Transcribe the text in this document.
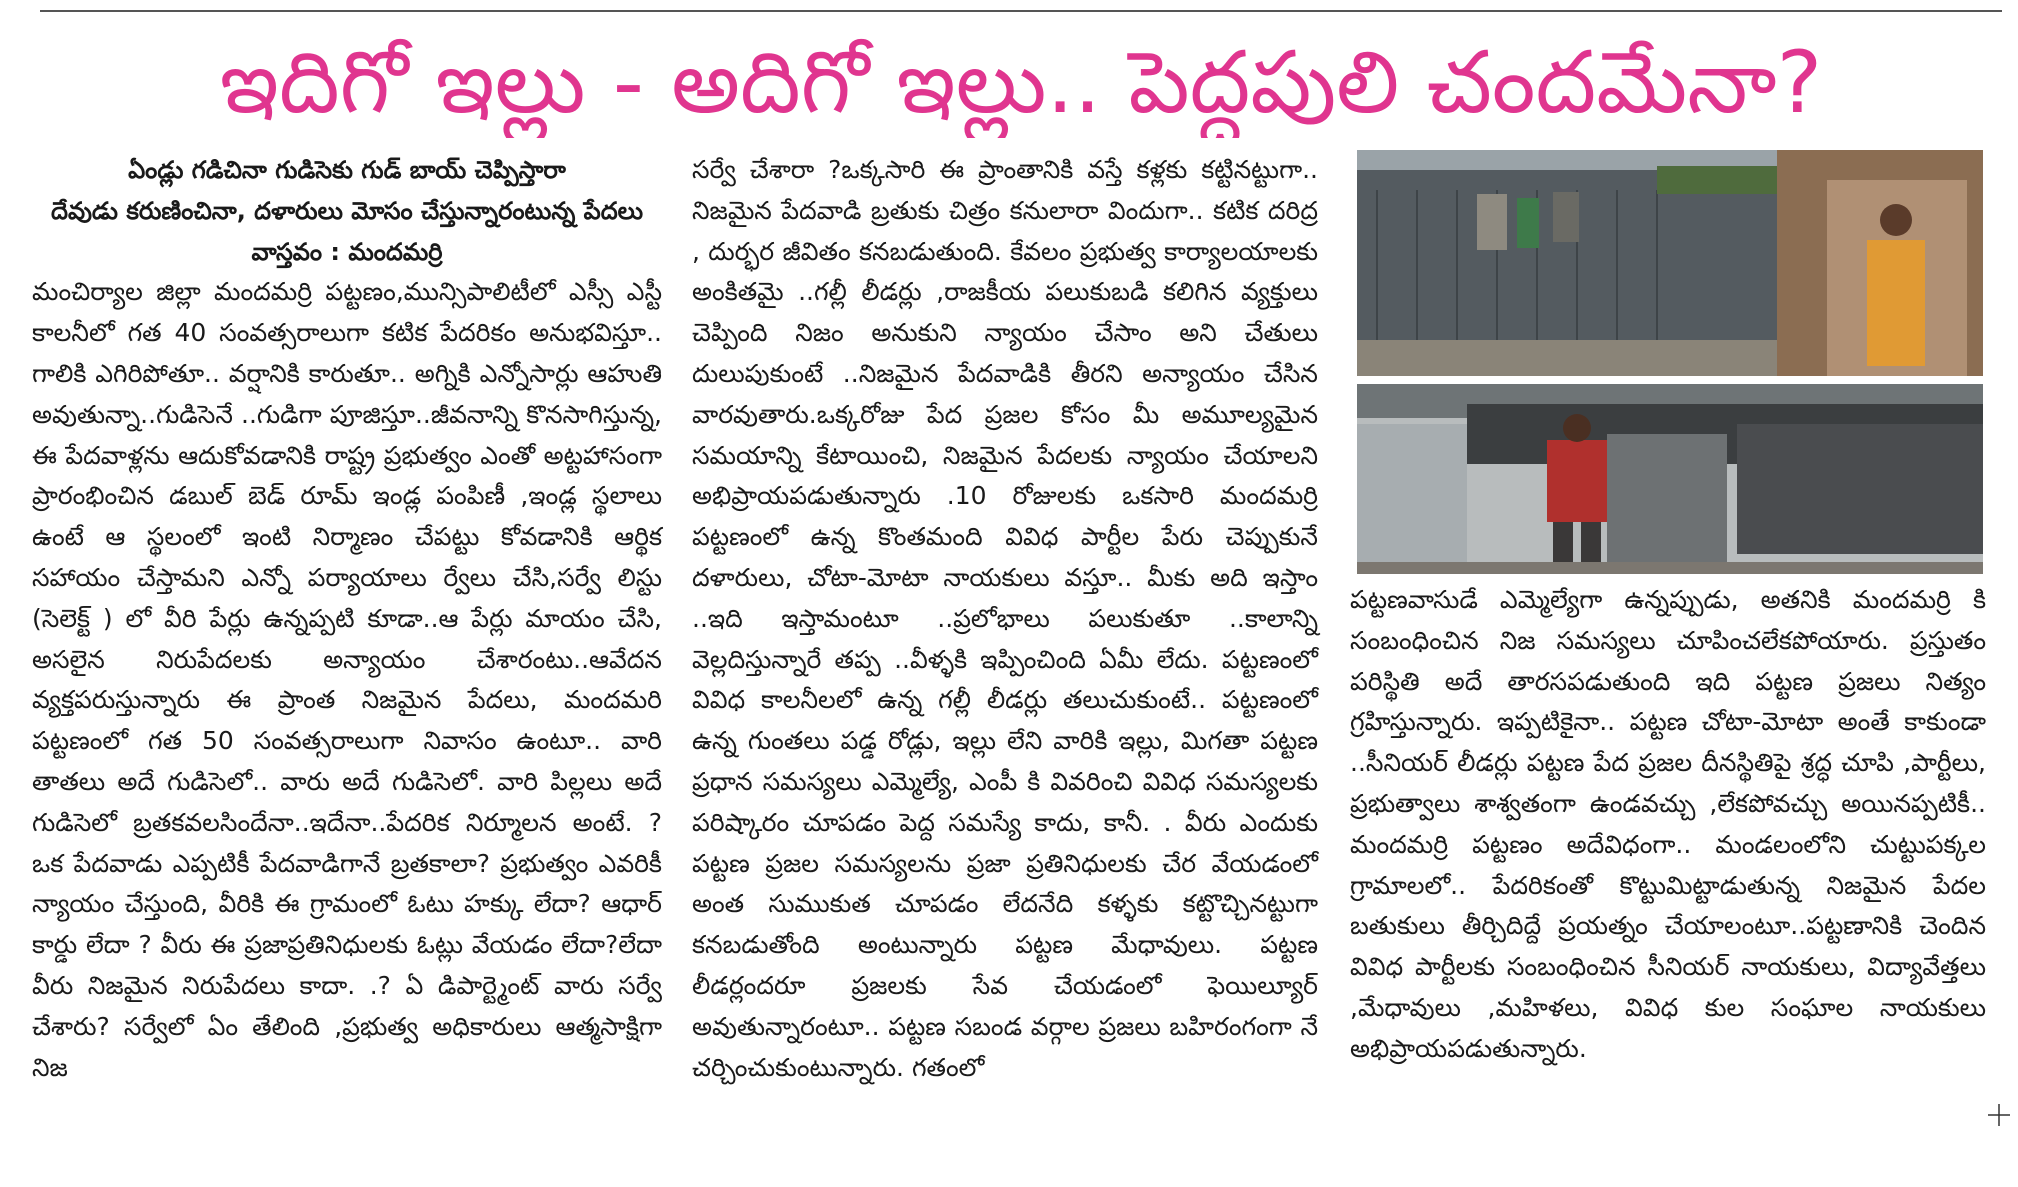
ఇదిగో ఇల్లు - అదిగో ఇల్లు.. పెద్దపులి చందమేనా?

ఏండ్లు గడిచినా గుడిసెకు గుడ్ బాయ్ చెప్పిస్తారా

దేవుడు కరుణించినా, దళారులు మోసం చేస్తున్నారంటున్న పేదలు

వాస్తవం : మందమర్రి

మంచిర్యాల జిల్లా మందమర్రి పట్టణం,మున్సిపాలిటీలో ఎస్సీ ఎస్టీ కాలనీలో గత 40 సంవత్సరాలుగా కటిక పేదరికం అనుభవిస్తూ.. గాలికి ఎగిరిపోతూ.. వర్షానికి కారుతూ.. అగ్నికి ఎన్నోసార్లు ఆహుతి అవుతున్నా..గుడిసెనే ..గుడిగా పూజిస్తూ..జీవనాన్ని కొనసాగిస్తున్న, ఈ పేదవాళ్లను ఆదుకోవడానికి రాష్ట్ర ప్రభుత్వం ఎంతో అట్టహాసంగా ప్రారంభించిన డబుల్ బెడ్ రూమ్ ఇండ్ల పంపిణీ ,ఇండ్ల స్థలాలు ఉంటే ఆ స్థలంలో ఇంటి నిర్మాణం చేపట్టు కోవడానికి ఆర్థిక సహాయం చేస్తామని ఎన్నో పర్యాయాలు ర్వేలు చేసి,సర్వే లిస్టు (సెలెక్ట్ ) లో వీరి పేర్లు ఉన్నప్పటి కూడా..ఆ పేర్లు మాయం చేసి, అసలైన నిరుపేదలకు అన్యాయం చేశారంటు..ఆవేదన వ్యక్తపరుస్తున్నారు ఈ ప్రాంత నిజమైన పేదలు, మందమరి పట్టణంలో గత 50 సంవత్సరాలుగా నివాసం ఉంటూ.. వారి తాతలు అదే గుడిసెలో.. వారు అదే గుడిసెలో. వారి పిల్లలు అదే గుడిసెలో బ్రతకవలసిందేనా..ఇదేనా..పేదరిక నిర్మూలన అంటే. ? ఒక పేదవాడు ఎప్పటికీ పేదవాడిగానే బ్రతకాలా? ప్రభుత్వం ఎవరికీ న్యాయం చేస్తుంది, వీరికి ఈ గ్రామంలో ఓటు హక్కు లేదా? ఆధార్ కార్డు లేదా ? వీరు ఈ ప్రజాప్రతినిధులకు ఓట్లు వేయడం లేదా?లేదా వీరు నిజమైన నిరుపేదలు కాదా. .? ఏ డిపార్ట్మెంట్ వారు సర్వే చేశారు? సర్వేలో ఏం తేలింది ,ప్రభుత్వ అధికారులు ఆత్మసాక్షిగా నిజ

సర్వే చేశారా ?ఒక్కసారి ఈ ప్రాంతానికి వస్తే కళ్లకు కట్టినట్టుగా.. నిజమైన పేదవాడి బ్రతుకు చిత్రం కనులారా విందుగా.. కటిక దరిద్ర , దుర్భర జీవితం కనబడుతుంది. కేవలం ప్రభుత్వ కార్యాలయాలకు అంకితమై ..గల్లీ లీడర్లు ,రాజకీయ పలుకుబడి కలిగిన వ్యక్తులు చెప్పింది నిజం అనుకుని న్యాయం చేసాం అని చేతులు దులుపుకుంటే ..నిజమైన పేదవాడికి తీరని అన్యాయం చేసిన వారవుతారు.ఒక్కరోజు పేద ప్రజల కోసం మీ అమూల్యమైన సమయాన్ని కేటాయించి, నిజమైన పేదలకు న్యాయం చేయాలని అభిప్రాయపడుతున్నారు .10 రోజులకు ఒకసారి మందమర్రి పట్టణంలో ఉన్న కొంతమంది వివిధ పార్టీల పేరు చెప్పుకునే దళారులు, చోటా-మోటా నాయకులు వస్తూ.. మీకు అది ఇస్తాం ..ఇది ఇస్తామంటూ ..ప్రలోభాలు పలుకుతూ ..కాలాన్ని వెల్లదిస్తున్నారే తప్ప ..వీళ్ళకి ఇప్పించింది ఏమీ లేదు. పట్టణంలో వివిధ కాలనీలలో ఉన్న గల్లీ లీడర్లు తలుచుకుంటే.. పట్టణంలో ఉన్న గుంతలు పడ్డ రోడ్లు, ఇల్లు లేని వారికి ఇల్లు, మిగతా పట్టణ ప్రధాన సమస్యలు ఎమ్మెల్యే, ఎంపీ కి వివరించి వివిధ సమస్యలకు పరిష్కారం చూపడం పెద్ద సమస్యే కాదు, కానీ. . వీరు ఎందుకు పట్టణ ప్రజల సమస్యలను ప్రజా ప్రతినిధులకు చేర వేయడంలో అంత సుముకుత చూపడం లేదనేది కళ్ళకు కట్టొచ్చినట్టుగా కనబడుతోంది అంటున్నారు పట్టణ మేధావులు. పట్టణ లీడర్లందరూ ప్రజలకు సేవ చేయడంలో ఫెయిల్యూర్ అవుతున్నారంటూ.. పట్టణ సబండ వర్గాల ప్రజలు బహిరంగంగా నే చర్చించుకుంటున్నారు. గతంలో

పట్టణవాసుడే ఎమ్మెల్యేగా ఉన్నప్పుడు, అతనికి మందమర్రి కి సంబంధించిన నిజ సమస్యలు చూపించలేకపోయారు. ప్రస్తుతం పరిస్థితి అదే తారసపడుతుంది ఇది పట్టణ ప్రజలు నిత్యం గ్రహిస్తున్నారు. ఇప్పటికైనా.. పట్టణ చోటా-మోటా అంతే కాకుండా ..సీనియర్ లీడర్లు పట్టణ పేద ప్రజల దీనస్థితిపై శ్రద్ధ చూపి ,పార్టీలు, ప్రభుత్వాలు శాశ్వతంగా ఉండవచ్చు ,లేకపోవచ్చు అయినప్పటికీ.. మందమర్రి పట్టణం అదేవిధంగా.. మండలంలోని చుట్టుపక్కల గ్రామాలలో.. పేదరికంతో కొట్టుమిట్టాడుతున్న నిజమైన పేదల బతుకులు తీర్చిదిద్దే ప్రయత్నం చేయాలంటూ..పట్టణానికి చెందిన వివిధ పార్టీలకు సంబంధించిన సీనియర్ నాయకులు, విద్యావేత్తలు ,మేధావులు ,మహిళలు, వివిధ కుల సంఘాల నాయకులు అభిప్రాయపడుతున్నారు.
